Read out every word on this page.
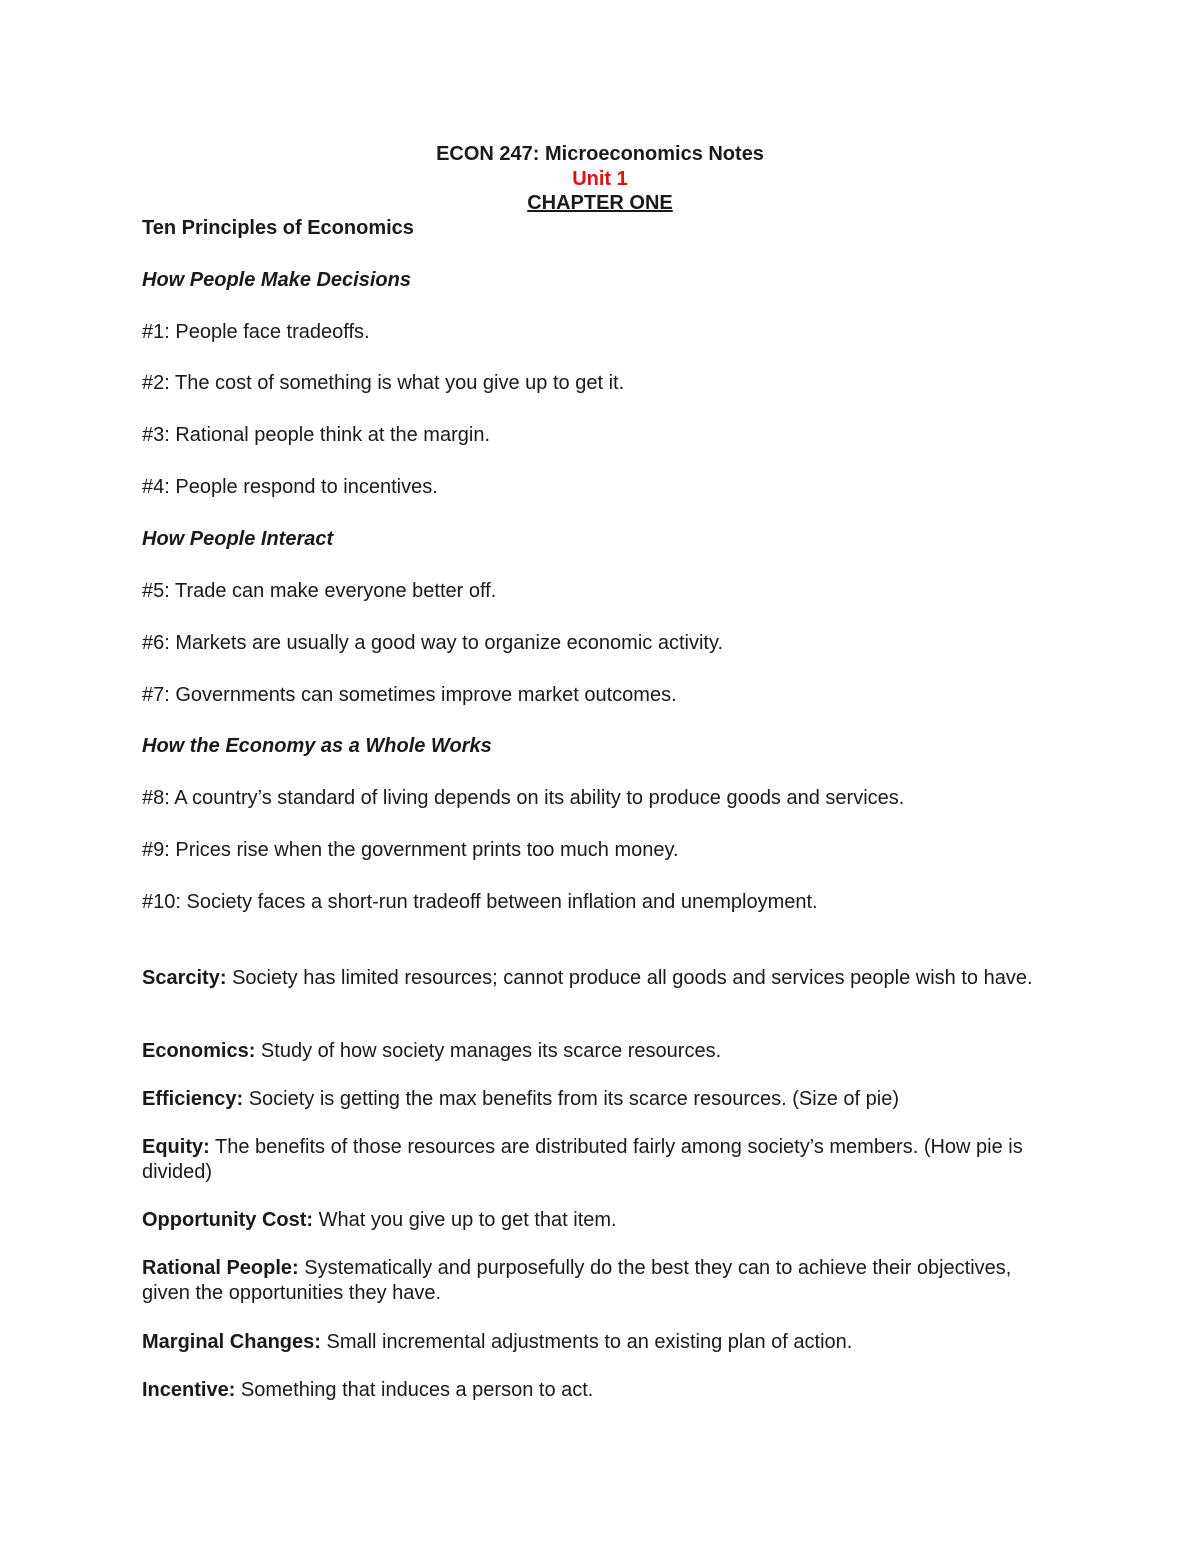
ECON 247: Microeconomics Notes
Unit 1
CHAPTER ONE
Ten Principles of Economics
How People Make Decisions
#1: People face tradeoffs.
#2: The cost of something is what you give up to get it.
#3: Rational people think at the margin.
#4: People respond to incentives.
How People Interact
#5: Trade can make everyone better off.
#6: Markets are usually a good way to organize economic activity.
#7: Governments can sometimes improve market outcomes.
How the Economy as a Whole Works
#8: A country’s standard of living depends on its ability to produce goods and services.
#9: Prices rise when the government prints too much money.
#10: Society faces a short-run tradeoff between inflation and unemployment.
Scarcity: Society has limited resources; cannot produce all goods and services people wish to have.
Economics: Study of how society manages its scarce resources.
Efficiency: Society is getting the max benefits from its scarce resources. (Size of pie)
Equity: The benefits of those resources are distributed fairly among society’s members. (How pie is divided)
Opportunity Cost: What you give up to get that item.
Rational People: Systematically and purposefully do the best they can to achieve their objectives, given the opportunities they have.
Marginal Changes: Small incremental adjustments to an existing plan of action.
Incentive: Something that induces a person to act.
